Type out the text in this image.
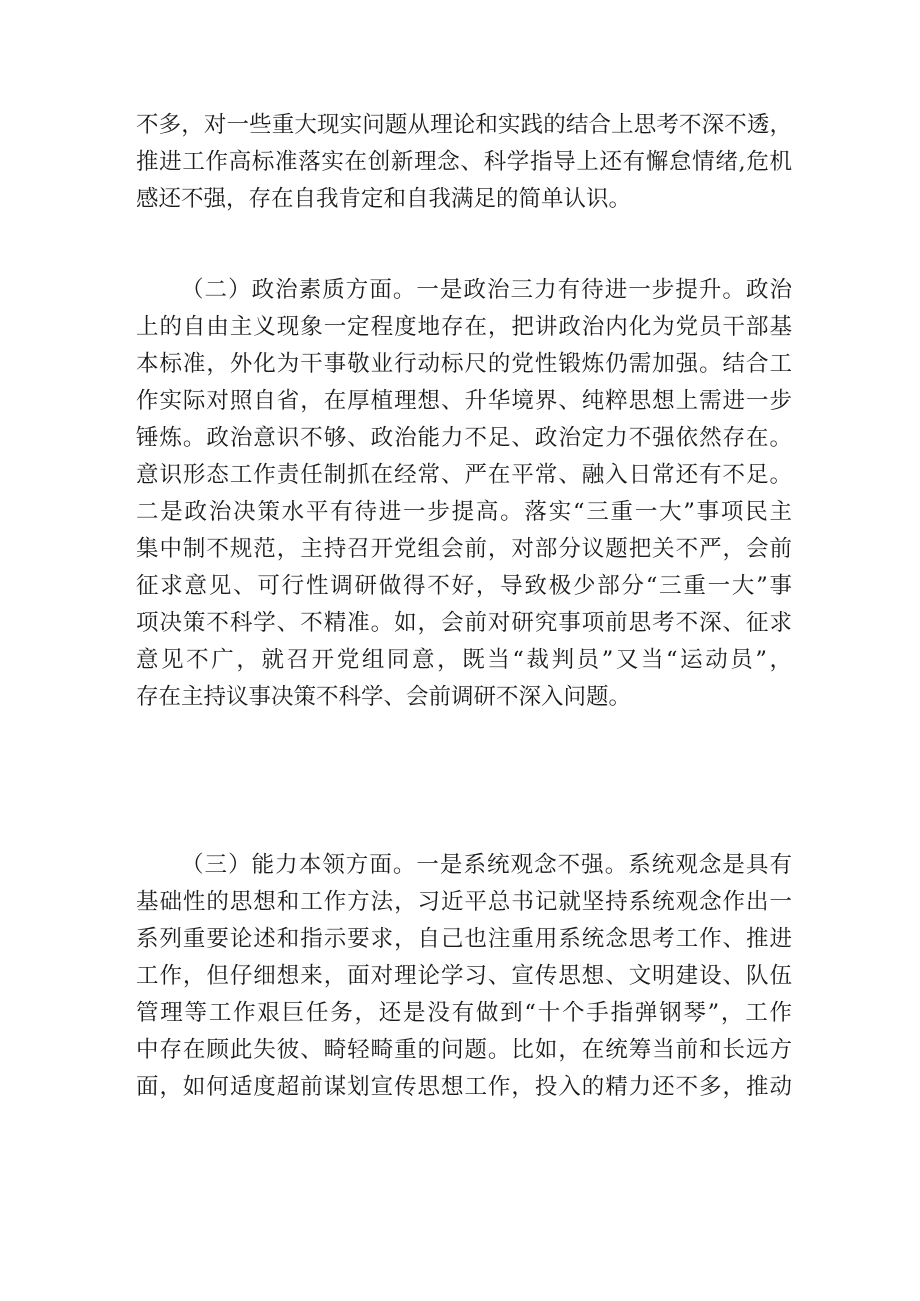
不多，对一些重大现实问题从理论和实践的结合上思考不深不透，
推进工作高标准落实在创新理念、科学指导上还有懈怠情绪,危机
感还不强，存在自我肯定和自我满足的简单认识。
（二）政治素质方面。一是政治三力有待进一步提升。政治
上的自由主义现象一定程度地存在，把讲政治内化为党员干部基
本标准，外化为干事敬业行动标尺的党性锻炼仍需加强。结合工
作实际对照自省，在厚植理想、升华境界、纯粹思想上需进一步
锤炼。政治意识不够、政治能力不足、政治定力不强依然存在。
意识形态工作责任制抓在经常、严在平常、融入日常还有不足。
二是政治决策水平有待进一步提高。落实“三重一大”事项民主
集中制不规范，主持召开党组会前，对部分议题把关不严，会前
征求意见、可行性调研做得不好，导致极少部分“三重一大”事
项决策不科学、不精准。如，会前对研究事项前思考不深、征求
意见不广，就召开党组同意，既当“裁判员”又当“运动员”，
存在主持议事决策不科学、会前调研不深入问题。
（三）能力本领方面。一是系统观念不强。系统观念是具有
基础性的思想和工作方法，习近平总书记就坚持系统观念作出一
系列重要论述和指示要求，自己也注重用系统念思考工作、推进
工作，但仔细想来，面对理论学习、宣传思想、文明建设、队伍
管理等工作艰巨任务，还是没有做到“十个手指弹钢琴”，工作
中存在顾此失彼、畸轻畸重的问题。比如，在统筹当前和长远方
面，如何适度超前谋划宣传思想工作，投入的精力还不多，推动
